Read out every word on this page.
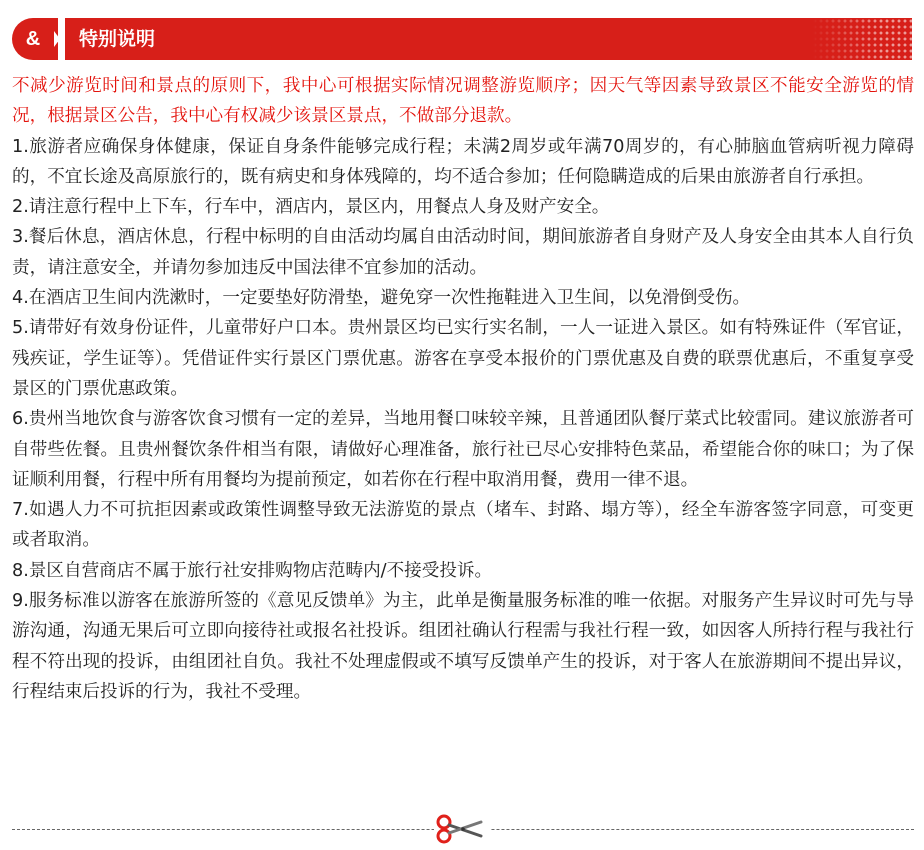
&	特别说明

不减少游览时间和景点的原则下，我中心可根据实际情况调整游览顺序；因天气等因素导致景区不能安全游览的情况，根据景区公告，我中心有权减少该景区景点，不做部分退款。

1.旅游者应确保身体健康，保证自身条件能够完成行程；未满2周岁或年满70周岁的，有心肺脑血管病听视力障碍的，不宜长途及高原旅行的，既有病史和身体残障的，均不适合参加；任何隐瞒造成的后果由旅游者自行承担。

2.请注意行程中上下车，行车中，酒店内，景区内，用餐点人身及财产安全。

3.餐后休息，酒店休息，行程中标明的自由活动均属自由活动时间，期间旅游者自身财产及人身安全由其本人自行负责，请注意安全，并请勿参加违反中国法律不宜参加的活动。

4.在酒店卫生间内洗漱时，一定要垫好防滑垫，避免穿一次性拖鞋进入卫生间，以免滑倒受伤。

5.请带好有效身份证件，儿童带好户口本。贵州景区均已实行实名制，一人一证进入景区。如有特殊证件（军官证，残疾证，学生证等）。凭借证件实行景区门票优惠。游客在享受本报价的门票优惠及自费的联票优惠后，不重复享受景区的门票优惠政策。

6.贵州当地饮食与游客饮食习惯有一定的差异，当地用餐口味较辛辣，且普通团队餐厅菜式比较雷同。建议旅游者可自带些佐餐。且贵州餐饮条件相当有限，请做好心理准备，旅行社已尽心安排特色菜品，希望能合你的味口；为了保证顺利用餐，行程中所有用餐均为提前预定，如若你在行程中取消用餐，费用一律不退。

7.如遇人力不可抗拒因素或政策性调整导致无法游览的景点（堵车、封路、塌方等），经全车游客签字同意，可变更或者取消。

8.景区自营商店不属于旅行社安排购物店范畴内/不接受投诉。

9.服务标准以游客在旅游所签的《意见反馈单》为主，此单是衡量服务标准的唯一依据。对服务产生异议时可先与导游沟通，沟通无果后可立即向接待社或报名社投诉。组团社确认行程需与我社行程一致，如因客人所持行程与我社行程不符出现的投诉，由组团社自负。我社不处理虚假或不填写反馈单产生的投诉，对于客人在旅游期间不提出异议，行程结束后投诉的行为，我社不受理。
